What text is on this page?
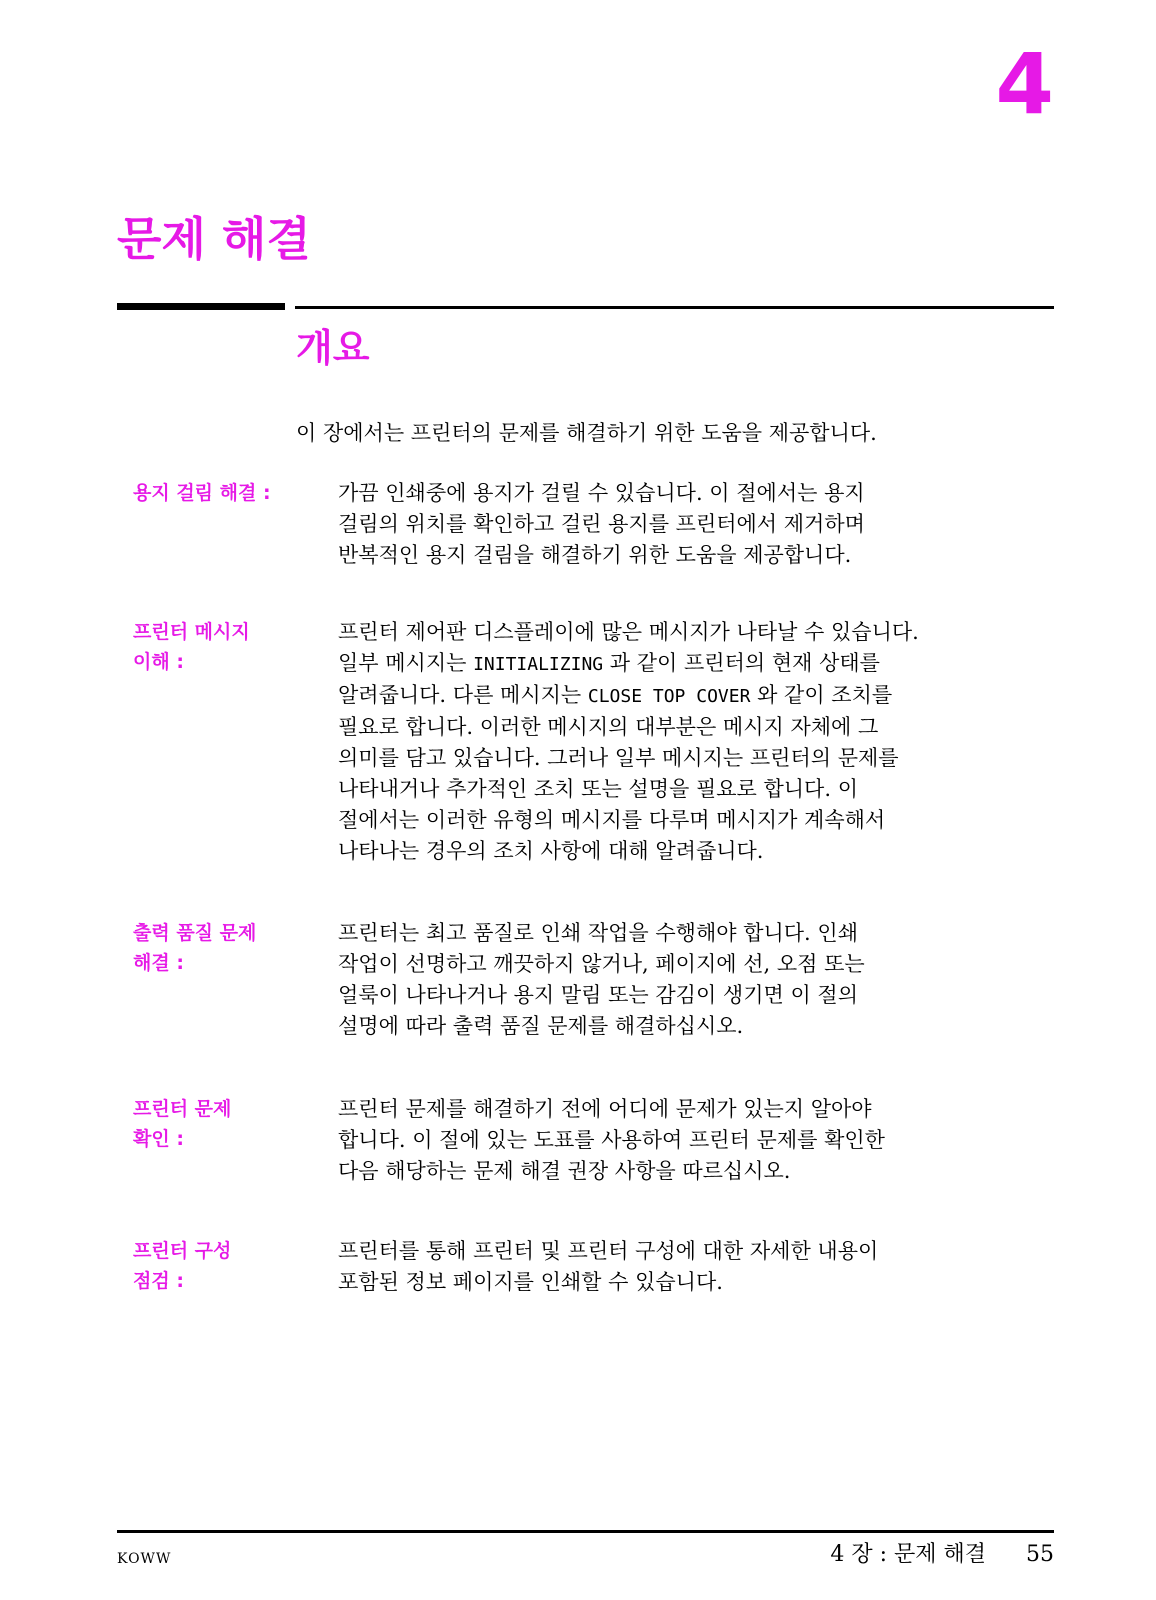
4
문제 해결
개요
이 장에서는 프린터의 문제를 해결하기 위한 도움을 제공합니다.
용지 걸림 해결 :	가끔 인쇄중에 용지가 걸릴 수 있습니다. 이 절에서는 용지
걸림의 위치를 확인하고 걸린 용지를 프린터에서 제거하며
반복적인 용지 걸림을 해결하기 위한 도움을 제공합니다.
프린터 메시지
이해 :
프린터 제어판 디스플레이에 많은 메시지가 나타날 수 있습니다.
일부 메시지는 INITIALIZING 과 같이 프린터의 현재 상태를
알려줍니다. 다른 메시지는 CLOSE TOP COVER 와 같이 조치를
필요로 합니다. 이러한 메시지의 대부분은 메시지 자체에 그
의미를 담고 있습니다. 그러나 일부 메시지는 프린터의 문제를
나타내거나 추가적인 조치 또는 설명을 필요로 합니다. 이
절에서는 이러한 유형의 메시지를 다루며 메시지가 계속해서
나타나는 경우의 조치 사항에 대해 알려줍니다.
출력 품질 문제
해결 :
프린터는 최고 품질로 인쇄 작업을 수행해야 합니다. 인쇄
작업이 선명하고 깨끗하지 않거나, 페이지에 선, 오점 또는
얼룩이 나타나거나 용지 말림 또는 감김이 생기면 이 절의
설명에 따라 출력 품질 문제를 해결하십시오.
프린터 문제
확인 :
프린터 문제를 해결하기 전에 어디에 문제가 있는지 알아야
합니다. 이 절에 있는 도표를 사용하여 프린터 문제를 확인한
다음 해당하는 문제 해결 권장 사항을 따르십시오.
프린터 구성
점검 :
프린터를 통해 프린터 및 프린터 구성에 대한 자세한 내용이
포함된 정보 페이지를 인쇄할 수 있습니다.
KOWW	4 장 : 문제 해결 55
